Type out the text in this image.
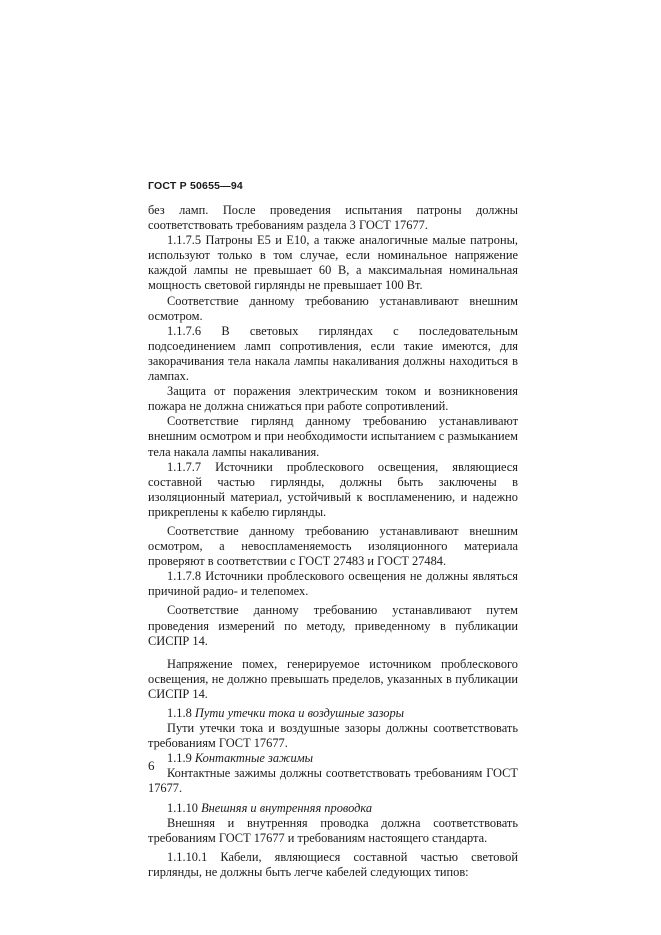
ГОСТ Р 50655—94

без ламп. После проведения испытания патроны должны соответствовать требованиям раздела 3 ГОСТ 17677.

1.1.7.5 Патроны Е5 и Е10, а также аналогичные малые патроны, используют только в том случае, если номинальное напряжение каждой лампы не превышает 60 В, а максимальная номинальная мощность световой гирлянды не превышает 100 Вт.

Соответствие данному требованию устанавливают внешним осмотром.

1.1.7.6 В световых гирляндах с последовательным подсоединением ламп сопротивления, если такие имеются, для закорачивания тела накала лампы накаливания должны находиться в лампах.

Защита от поражения электрическим током и возникновения пожара не должна снижаться при работе сопротивлений.

Соответствие гирлянд данному требованию устанавливают внешним осмотром и при необходимости испытанием с размыканием тела накала лампы накаливания.

1.1.7.7 Источники проблескового освещения, являющиеся составной частью гирлянды, должны быть заключены в изоляционный материал, устойчивый к воспламенению, и надежно прикреплены к кабелю гирлянды.

Соответствие данному требованию устанавливают внешним осмотром, а невоспламеняемость изоляционного материала проверяют в соответствии с ГОСТ 27483 и ГОСТ 27484.

1.1.7.8 Источники проблескового освещения не должны являться причиной радио- и телепомех.

Соответствие данному требованию устанавливают путем проведения измерений по методу, приведенному в публикации СИСПР 14.

Напряжение помех, генерируемое источником проблескового освещения, не должно превышать пределов, указанных в публикации СИСПР 14.

1.1.8 Пути утечки тока и воздушные зазоры

Пути утечки тока и воздушные зазоры должны соответствовать требованиям ГОСТ 17677.

1.1.9 Контактные зажимы

Контактные зажимы должны соответствовать требованиям ГОСТ 17677.

1.1.10 Внешняя и внутренняя проводка

Внешняя и внутренняя проводка должна соответствовать требованиям ГОСТ 17677 и требованиям настоящего стандарта.

1.1.10.1 Кабели, являющиеся составной частью световой гирлянды, не должны быть легче кабелей следующих типов:

6
